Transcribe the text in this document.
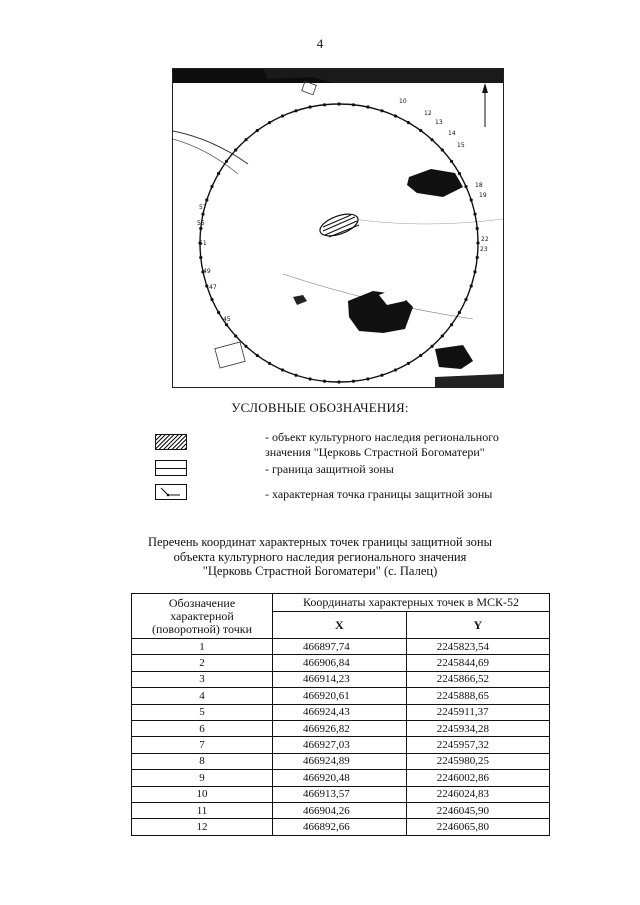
4
10
12
13
14
15
18
19
22
23
45
47
49
51
55
57
УСЛОВНЫЕ ОБОЗНАЧЕНИЯ:
- объект культурного наследия регионального
значения "Церковь Страстной Богоматери"
- граница защитной зоны
- характерная точка границы защитной зоны
Перечень координат характерных точек границы защитной зоны
объекта культурного наследия регионального значения
"Церковь Страстной Богоматери" (с. Палец)
Обозначение
характерной
(поворотной) точки	Координаты характерных точек в МСК-52	
	X	Y
1	466897,74	2245823,54
2	466906,84	2245844,69
3	466914,23	2245866,52
4	466920,61	2245888,65
5	466924,43	2245911,37
6	466926,82	2245934,28
7	466927,03	2245957,32
8	466924,89	2245980,25
9	466920,48	2246002,86
10	466913,57	2246024,83
11	466904,26	2246045,90
12	466892,66	2246065,80
